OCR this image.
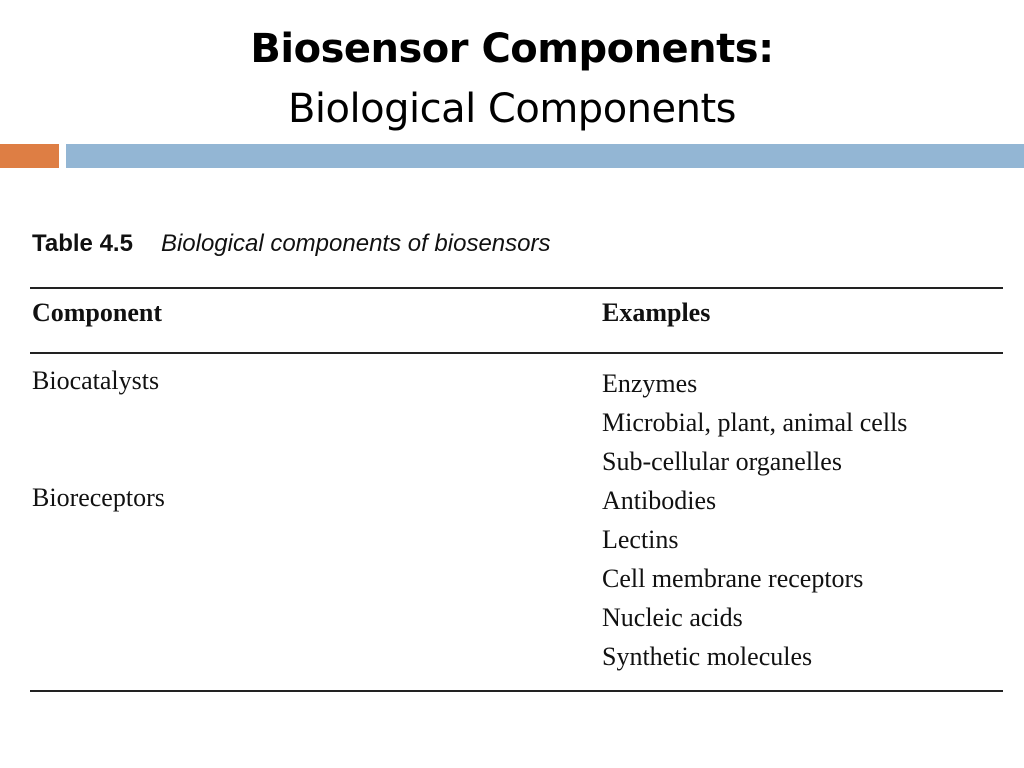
Biosensor Components:
Biological Components
Table 4.5 Biological components of biosensors
Component	Examples
Biocatalysts
Bioreceptors
Enzymes
Microbial, plant, animal cells
Sub-cellular organelles
Antibodies
Lectins
Cell membrane receptors
Nucleic acids
Synthetic molecules
